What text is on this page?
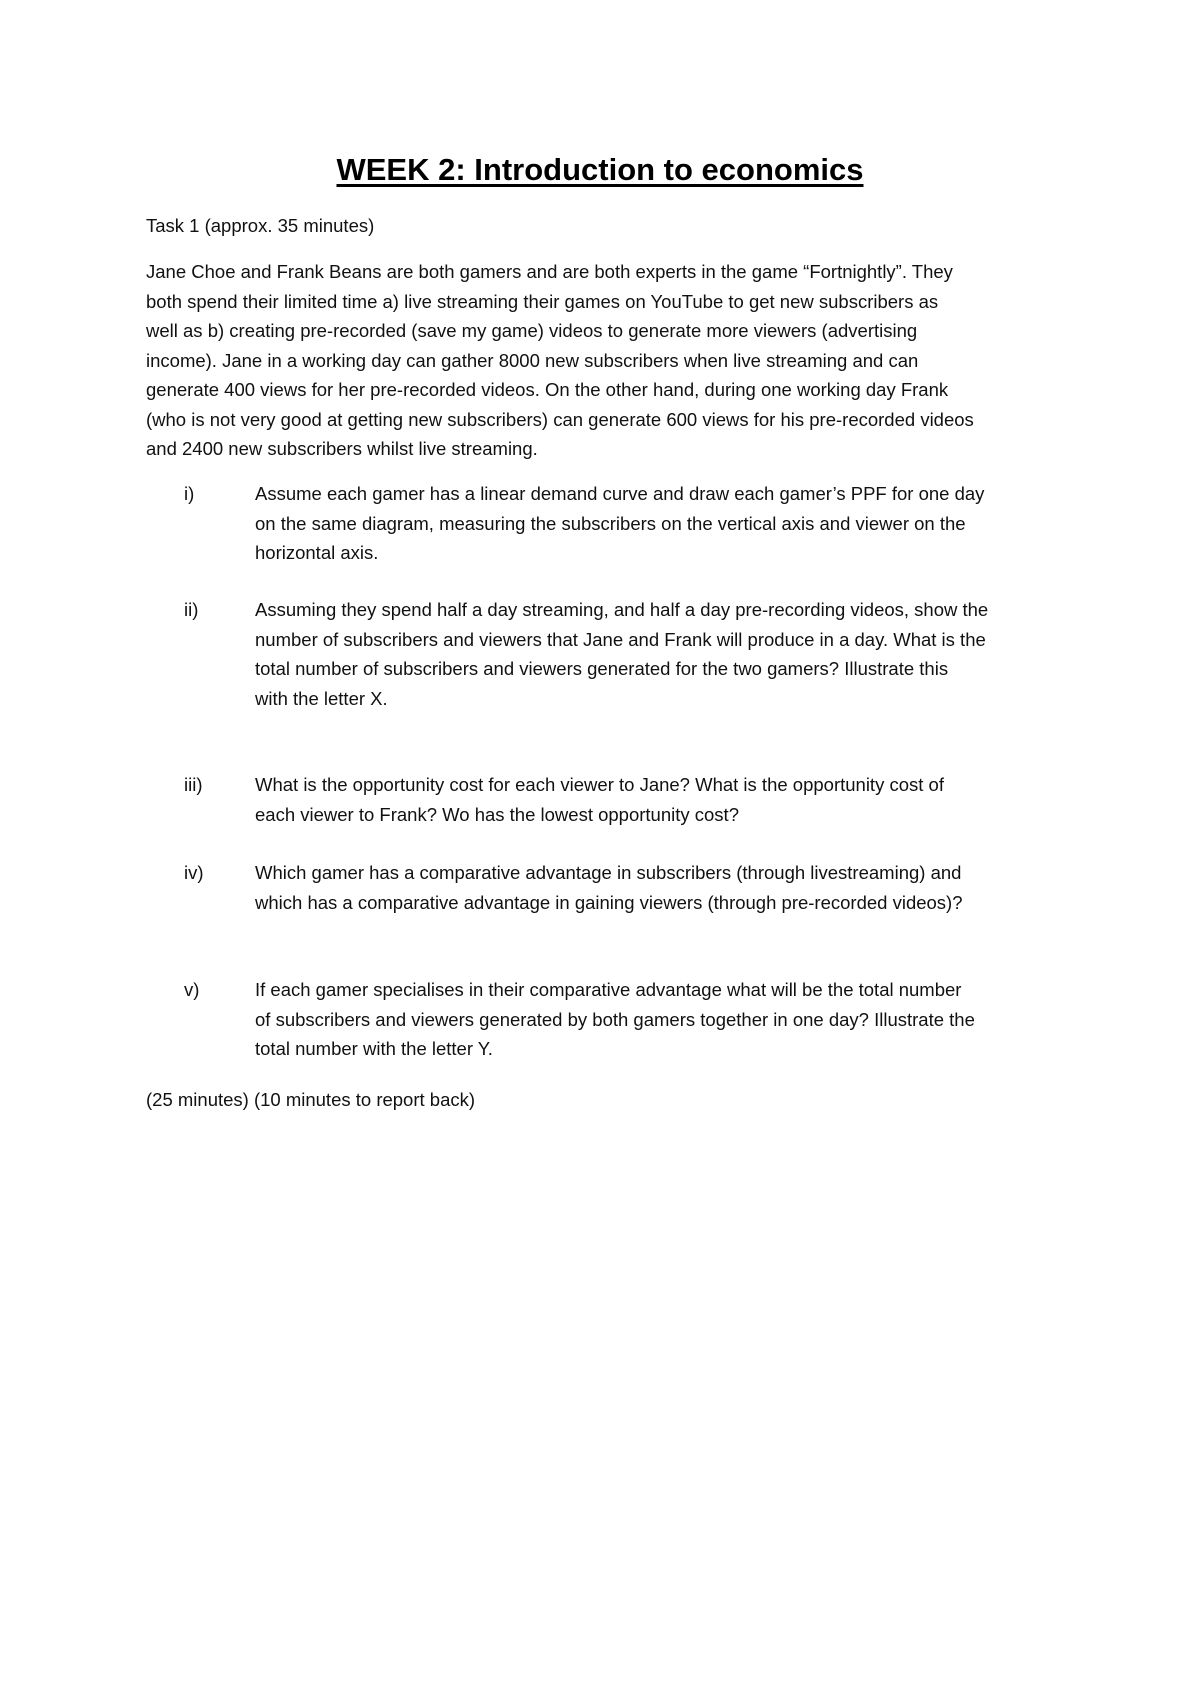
WEEK 2: Introduction to economics
Task 1 (approx. 35 minutes)
Jane Choe and Frank Beans are both gamers and are both experts in the game “Fortnightly”. They
both spend their limited time a) live streaming their games on YouTube to get new subscribers as
well as b) creating pre-recorded (save my game) videos to generate more viewers (advertising
income). Jane in a working day can gather 8000 new subscribers when live streaming and can
generate 400 views for her pre-recorded videos. On the other hand, during one working day Frank
(who is not very good at getting new subscribers) can generate 600 views for his pre-recorded videos
and 2400 new subscribers whilst live streaming.
i)	Assume each gamer has a linear demand curve and draw each gamer’s PPF for one day
on the same diagram, measuring the subscribers on the vertical axis and viewer on the
horizontal axis.
ii)	Assuming they spend half a day streaming, and half a day pre-recording videos, show the
number of subscribers and viewers that Jane and Frank will produce in a day. What is the
total number of subscribers and viewers generated for the two gamers? Illustrate this
with the letter X.
iii)	What is the opportunity cost for each viewer to Jane? What is the opportunity cost of
each viewer to Frank? Wo has the lowest opportunity cost?
iv)	Which gamer has a comparative advantage in subscribers (through livestreaming) and
which has a comparative advantage in gaining viewers (through pre-recorded videos)?
v)	If each gamer specialises in their comparative advantage what will be the total number
of subscribers and viewers generated by both gamers together in one day? Illustrate the
total number with the letter Y.
(25 minutes) (10 minutes to report back)
